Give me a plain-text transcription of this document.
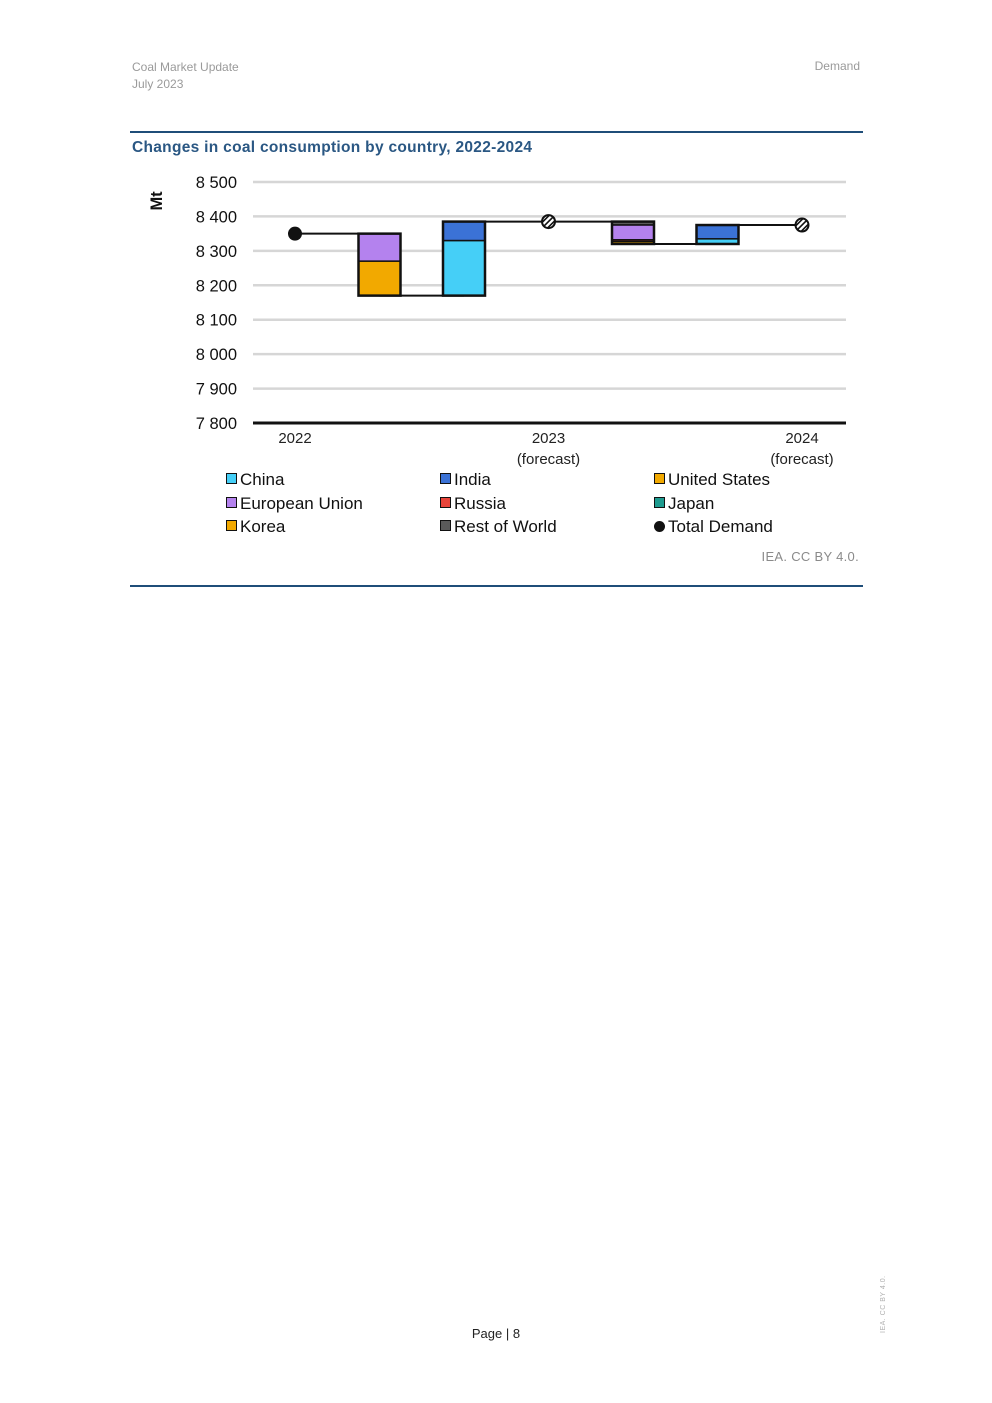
Coal Market Update
July 2023
Demand
Changes in coal consumption by country, 2022-2024
7 800
7 900
8 000
8 100
8 200
8 300
8 400
8 500
Mt
2022	2023
(forecast)
2024
(forecast)
China	India	United States
European Union	Russia	Japan
Korea	Rest of World	Total Demand
IEA. CC BY 4.0.
Page | 8
IEA. CC BY 4.0.
